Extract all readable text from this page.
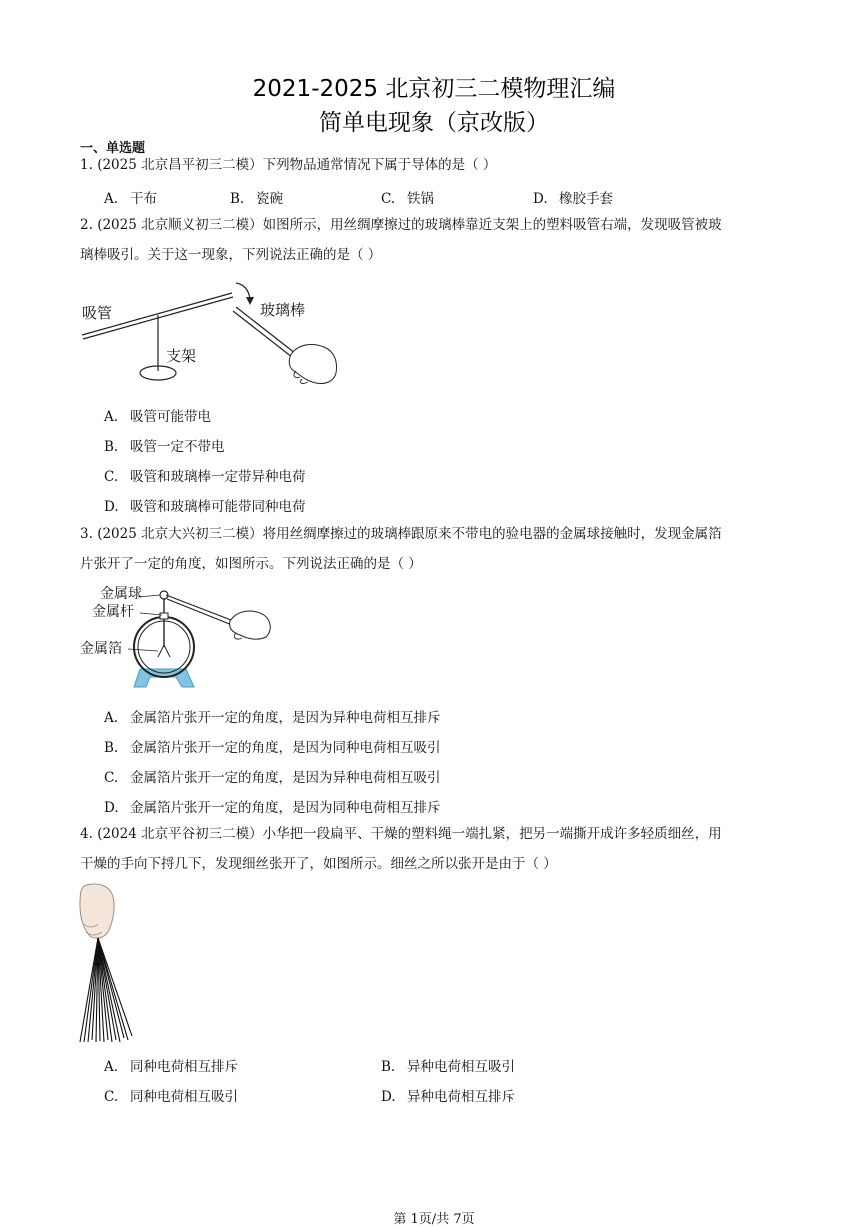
2021-2025 北京初三二模物理汇编
简单电现象（京改版）
一、单选题
1. (2025 北京昌平初三二模）下列物品通常情况下属于导体的是（ ）
A. 干布	B. 瓷碗	C. 铁锅	D. 橡胶手套
2. (2025 北京顺义初三二模）如图所示，用丝绸摩擦过的玻璃棒靠近支架上的塑料吸管右端，发现吸管被玻
璃棒吸引。关于这一现象，下列说法正确的是（ ）
吸管	玻璃棒
支架
A. 吸管可能带电
B. 吸管一定不带电
C. 吸管和玻璃棒一定带异种电荷
D. 吸管和玻璃棒可能带同种电荷
3. (2025 北京大兴初三二模）将用丝绸摩擦过的玻璃棒跟原来不带电的验电器的金属球接触时，发现金属箔
片张开了一定的角度，如图所示。下列说法正确的是（ ）
金属球
金属杆
金属箔
A. 金属箔片张开一定的角度，是因为异种电荷相互排斥
B. 金属箔片张开一定的角度，是因为同种电荷相互吸引
C. 金属箔片张开一定的角度，是因为异种电荷相互吸引
D. 金属箔片张开一定的角度，是因为同种电荷相互排斥
4. (2024 北京平谷初三二模）小华把一段扁平、干燥的塑料绳一端扎紧，把另一端撕开成许多轻质细丝，用
干燥的手向下捋几下，发现细丝张开了，如图所示。细丝之所以张开是由于（ ）
A. 同种电荷相互排斥	B. 异种电荷相互吸引
C. 同种电荷相互吸引	D. 异种电荷相互排斥
第 1页/共 7页
